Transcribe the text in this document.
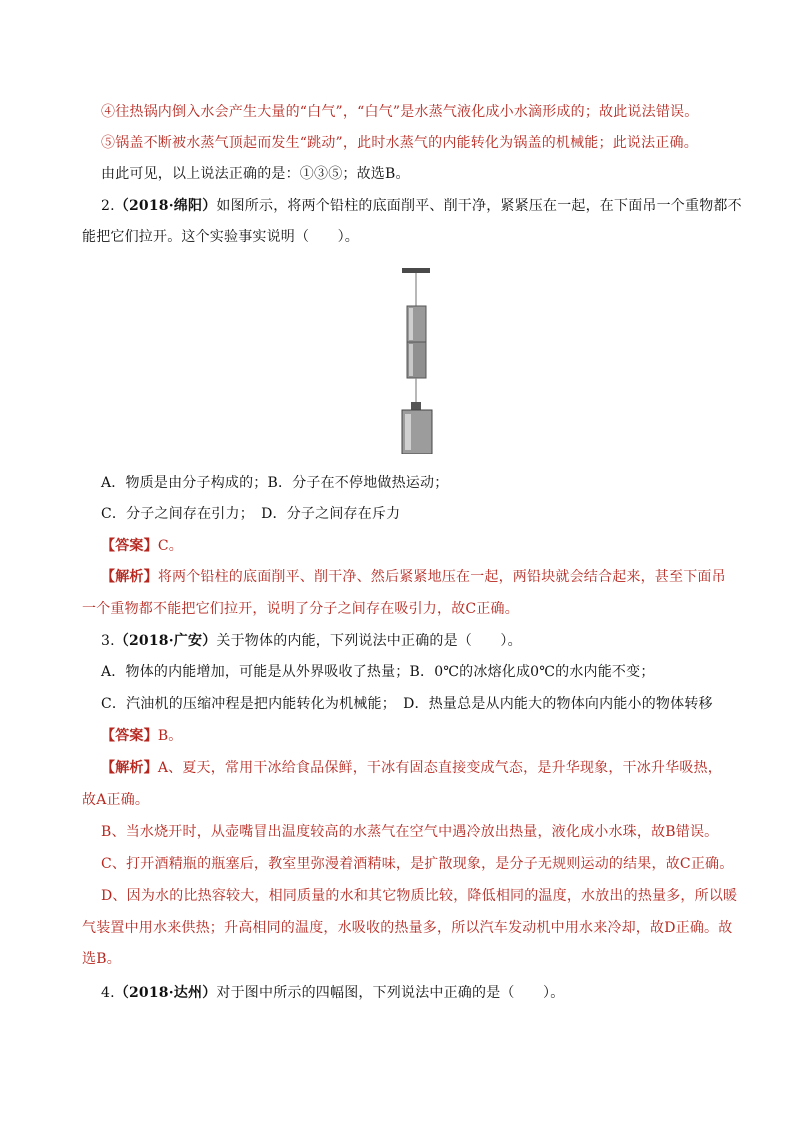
④往热锅内倒入水会产生大量的“白气”，“白气”是水蒸气液化成小水滴形成的；故此说法错误。
⑤锅盖不断被水蒸气顶起而发生“跳动”，此时水蒸气的内能转化为锅盖的机械能；此说法正确。
由此可见，以上说法正确的是：①③⑤；故选B。
2.（2018·绵阳）如图所示，将两个铅柱的底面削平、削干净，紧紧压在一起，在下面吊一个重物都不
能把它们拉开。这个实验事实说明（　　）。
A．物质是由分子构成的；B．分子在不停地做热运动；
C．分子之间存在引力；　D．分子之间存在斥力
【答案】C。
【解析】将两个铅柱的底面削平、削干净、然后紧紧地压在一起，两铅块就会结合起来，甚至下面吊
一个重物都不能把它们拉开，说明了分子之间存在吸引力，故C正确。
3.（2018·广安）关于物体的内能，下列说法中正确的是（　　）。
A．物体的内能增加，可能是从外界吸收了热量；B．0℃的冰熔化成0℃的水内能不变；
C．汽油机的压缩冲程是把内能转化为机械能；　D．热量总是从内能大的物体向内能小的物体转移
【答案】B。
【解析】A、夏天，常用干冰给食品保鲜，干冰有固态直接变成气态，是升华现象，干冰升华吸热，
故A正确。
B、当水烧开时，从壶嘴冒出温度较高的水蒸气在空气中遇冷放出热量，液化成小水珠，故B错误。
C、打开酒精瓶的瓶塞后，教室里弥漫着酒精味，是扩散现象，是分子无规则运动的结果，故C正确。
D、因为水的比热容较大，相同质量的水和其它物质比较，降低相同的温度，水放出的热量多，所以暖
气装置中用水来供热；升高相同的温度，水吸收的热量多，所以汽车发动机中用水来冷却，故D正确。故
选B。
4.（2018·达州）对于图中所示的四幅图，下列说法中正确的是（　　）。
